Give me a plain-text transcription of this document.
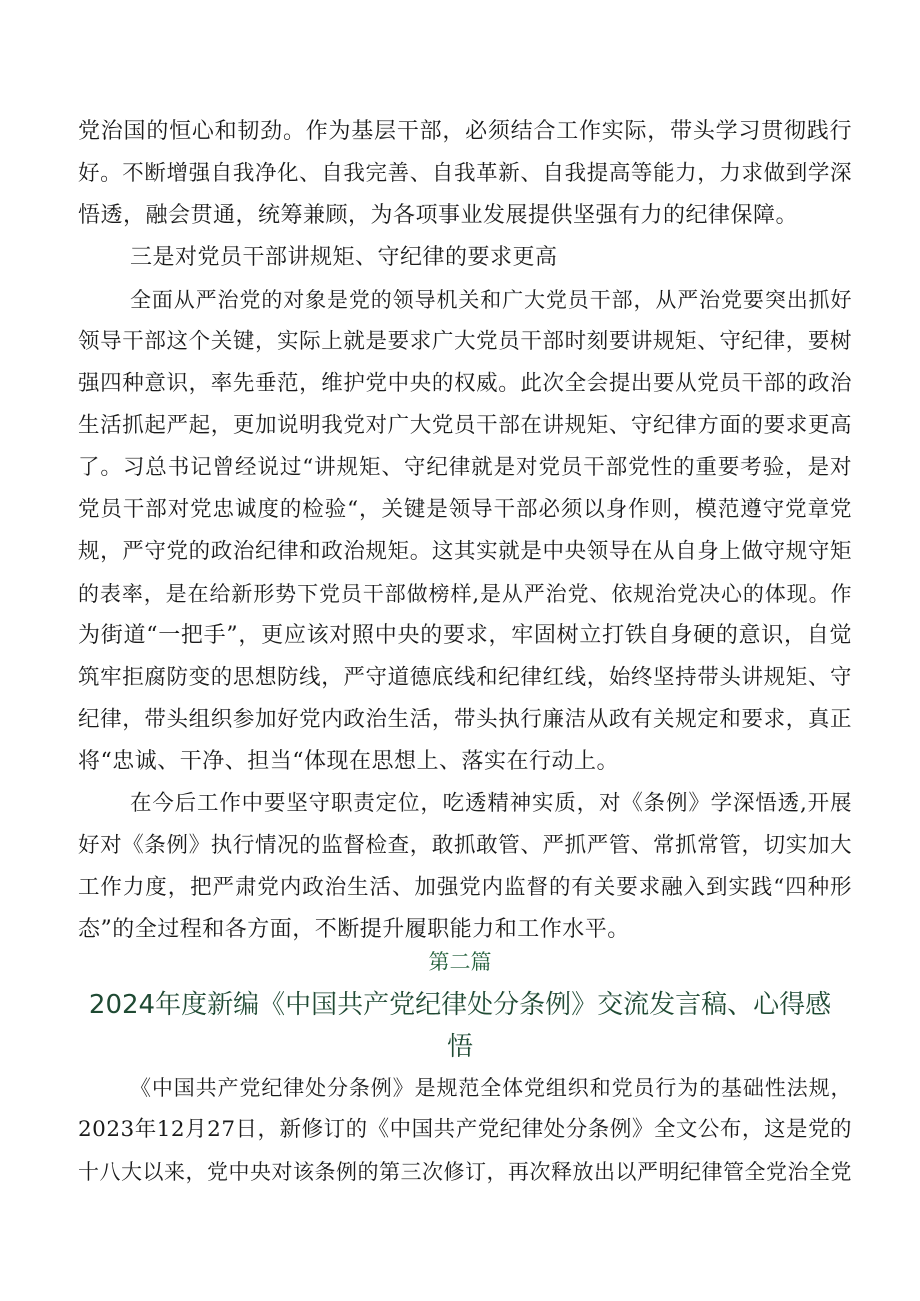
党治国的恒心和韧劲。作为基层干部，必须结合工作实际，带头学习贯彻践行
好。不断增强自我净化、自我完善、自我革新、自我提高等能力，力求做到学深
悟透，融会贯通，统筹兼顾，为各项事业发展提供坚强有力的纪律保障。
三是对党员干部讲规矩、守纪律的要求更高
全面从严治党的对象是党的领导机关和广大党员干部，从严治党要突出抓好
领导干部这个关键，实际上就是要求广大党员干部时刻要讲规矩、守纪律，要树
强四种意识，率先垂范，维护党中央的权威。此次全会提出要从党员干部的政治
生活抓起严起，更加说明我党对广大党员干部在讲规矩、守纪律方面的要求更高
了。习总书记曾经说过“讲规矩、守纪律就是对党员干部党性的重要考验，是对
党员干部对党忠诚度的检验“，关键是领导干部必须以身作则，模范遵守党章党
规，严守党的政治纪律和政治规矩。这其实就是中央领导在从自身上做守规守矩
的表率，是在给新形势下党员干部做榜样,是从严治党、依规治党决心的体现。作
为街道“一把手”，更应该对照中央的要求，牢固树立打铁自身硬的意识，自觉
筑牢拒腐防变的思想防线，严守道德底线和纪律红线，始终坚持带头讲规矩、守
纪律，带头组织参加好党内政治生活，带头执行廉洁从政有关规定和要求，真正
将“忠诚、干净、担当“体现在思想上、落实在行动上。
在今后工作中要坚守职责定位，吃透精神实质，对《条例》学深悟透,开展
好对《条例》执行情况的监督检查，敢抓敢管、严抓严管、常抓常管，切实加大
工作力度，把严肃党内政治生活、加强党内监督的有关要求融入到实践“四种形
态”的全过程和各方面，不断提升履职能力和工作水平。
第二篇
2024年度新编《中国共产党纪律处分条例》交流发言稿、心得感
悟
《中国共产党纪律处分条例》是规范全体党组织和党员行为的基础性法规，
2023年12月27日，新修订的《中国共产党纪律处分条例》全文公布，这是党的
十八大以来，党中央对该条例的第三次修订，再次释放出以严明纪律管全党治全党
